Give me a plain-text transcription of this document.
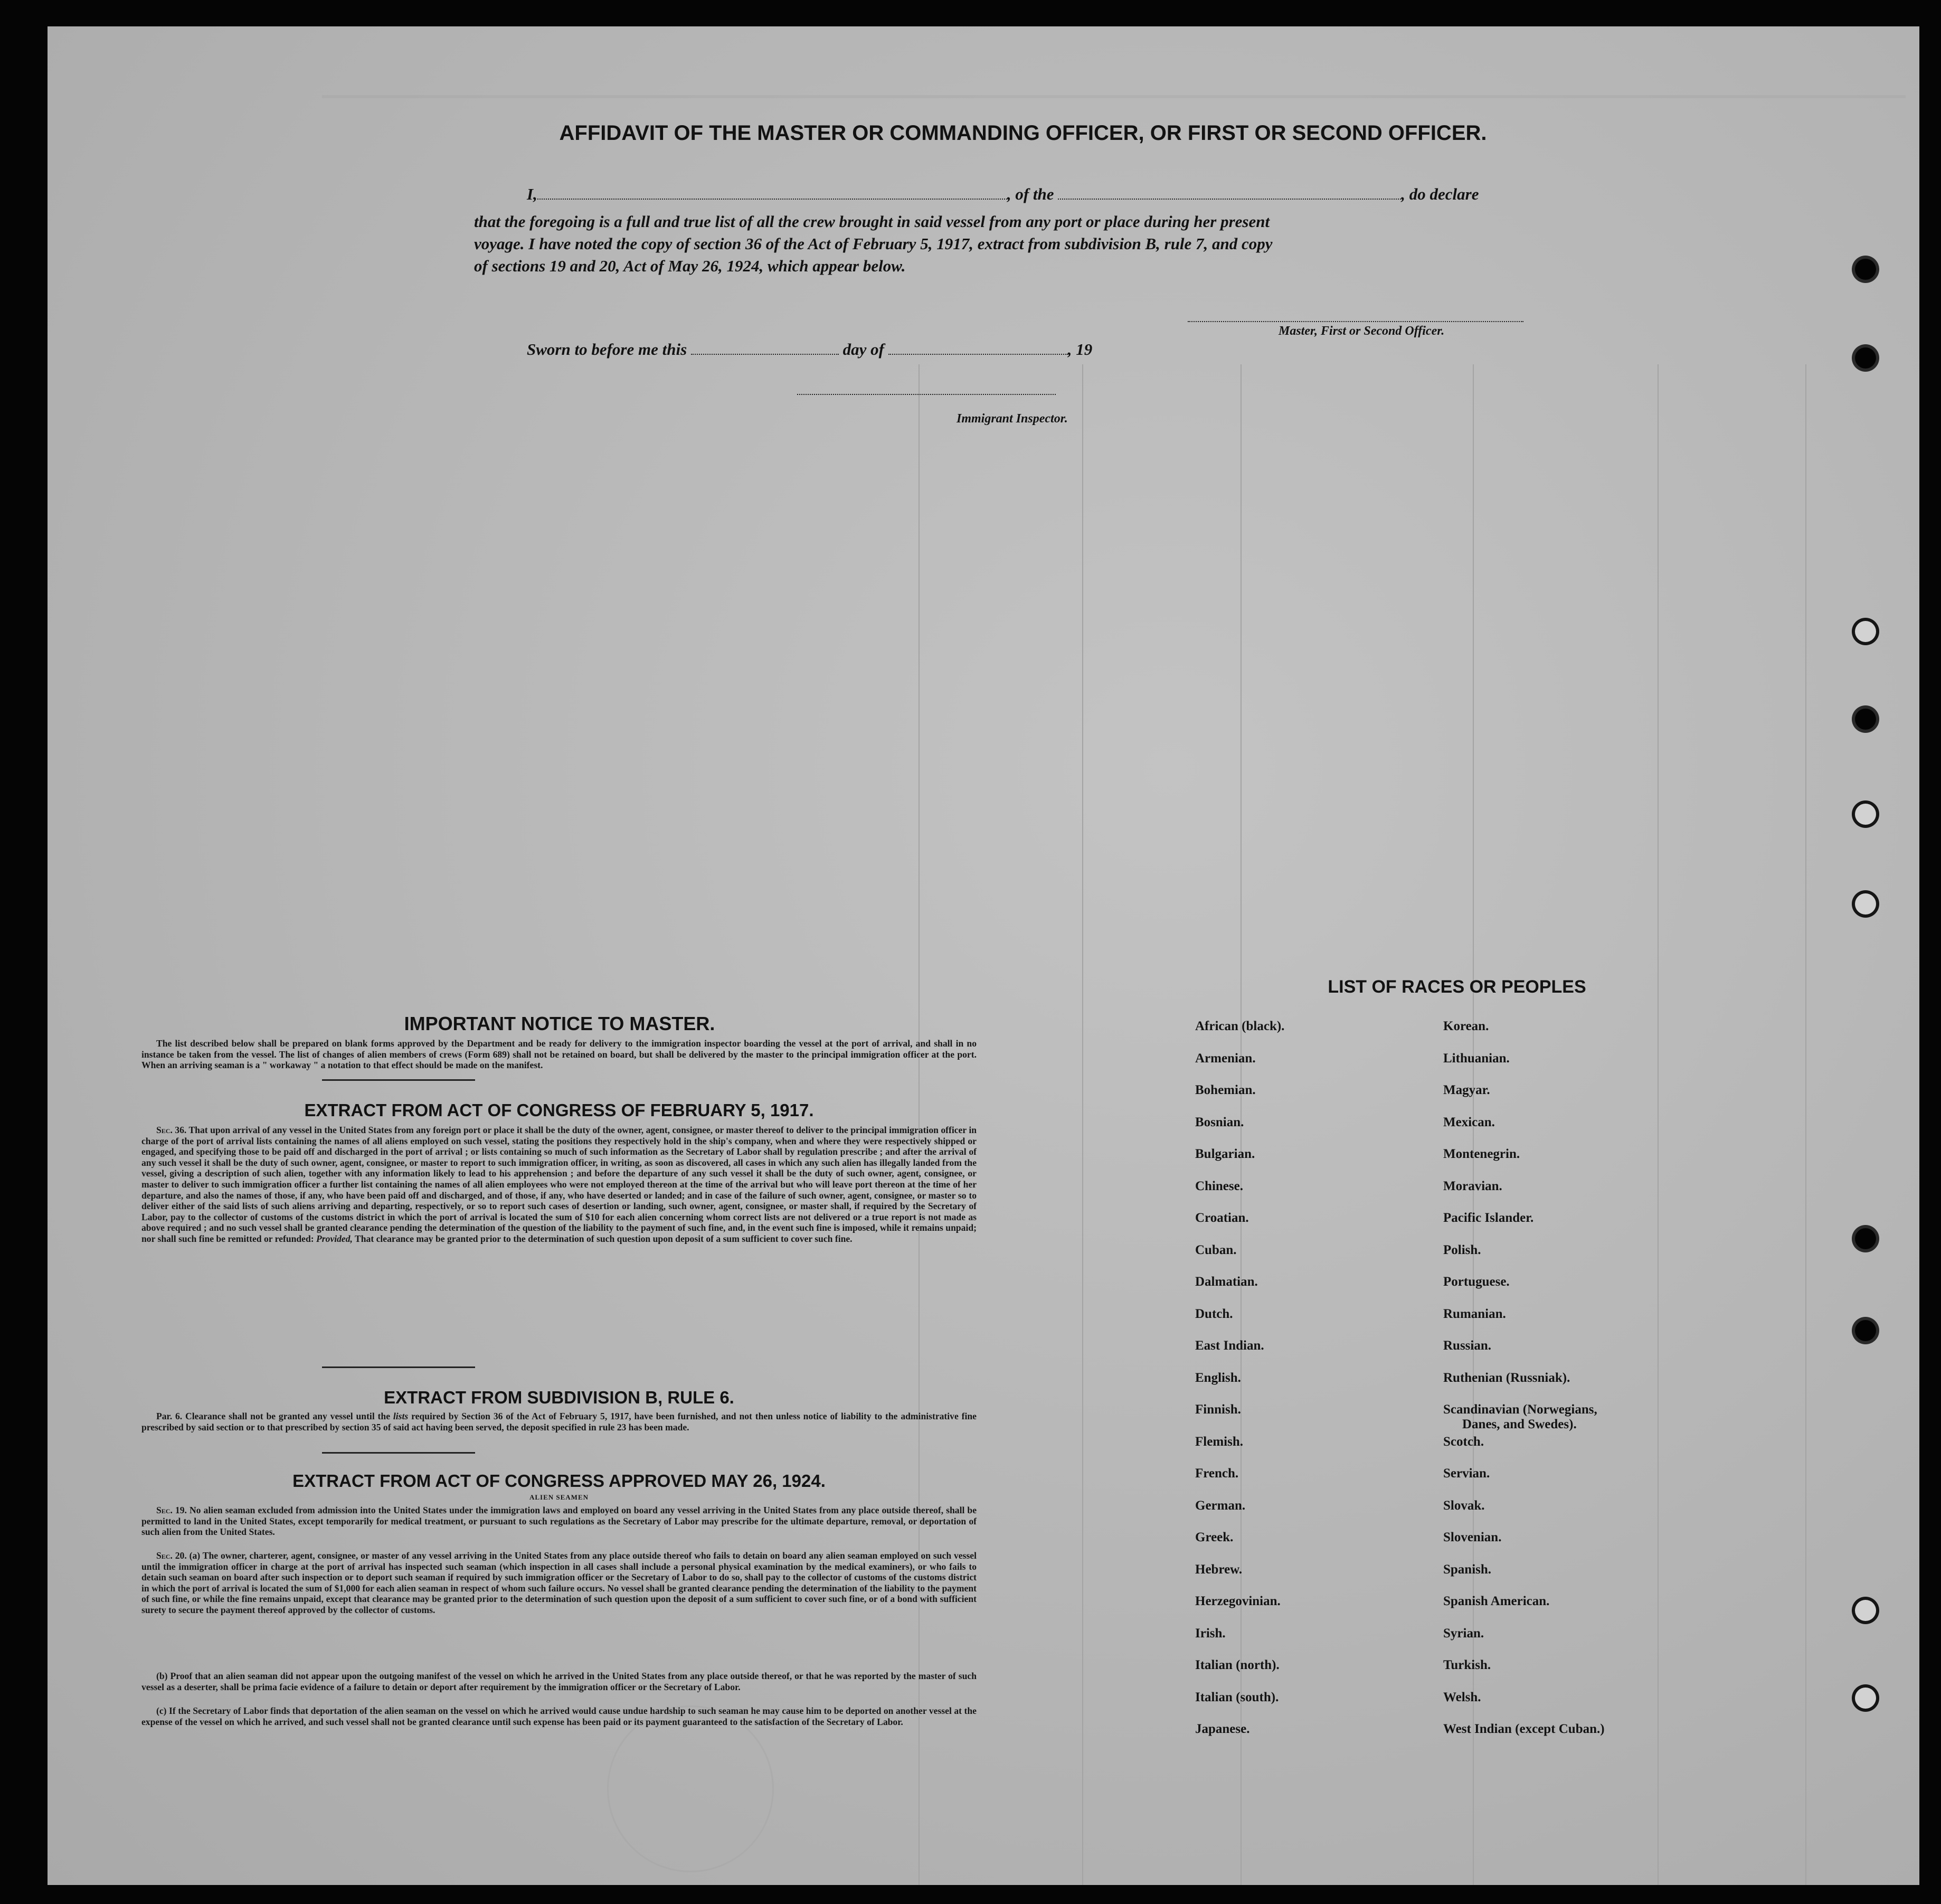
AFFIDAVIT OF THE MASTER OR COMMANDING OFFICER, OR FIRST OR SECOND OFFICER.
I,	, of the	, do declare
that the foregoing is a full and true list of all the crew brought in said vessel from any port or place during her present
voyage. I have noted the copy of section 36 of the Act of February 5, 1917, extract from subdivision B, rule 7, and copy
of sections 19 and 20, Act of May 26, 1924, which appear below.
Master, First or Second Officer.
Sworn to before me this	day of	, 19
Immigrant Inspector.
IMPORTANT NOTICE TO MASTER.

The list described below shall be prepared on blank forms approved by the Department and be ready for delivery to the immigration inspector boarding the vessel at the port of arrival, and shall in no instance be taken from the vessel. The list of changes of alien members of crews (Form 689) shall not be retained on board, but shall be delivered by the master to the principal immigration officer at the port. When an arriving seaman is a " workaway " a notation to that effect should be made on the manifest.

EXTRACT FROM ACT OF CONGRESS OF FEBRUARY 5, 1917.

Sec. 36. That upon arrival of any vessel in the United States from any foreign port or place it shall be the duty of the owner, agent, consignee, or master thereof to deliver to the principal immigration officer in charge of the port of arrival lists containing the names of all aliens employed on such vessel, stating the positions they respectively hold in the ship's company, when and where they were respectively shipped or engaged, and specifying those to be paid off and discharged in the port of arrival ; or lists containing so much of such information as the Secretary of Labor shall by regulation prescribe ; and after the arrival of any such vessel it shall be the duty of such owner, agent, consignee, or master to report to such immigration officer, in writing, as soon as discovered, all cases in which any such alien has illegally landed from the vessel, giving a description of such alien, together with any information likely to lead to his apprehension ; and before the departure of any such vessel it shall be the duty of such owner, agent, consignee, or master to deliver to such immigration officer a further list containing the names of all alien employees who were not employed thereon at the time of the arrival but who will leave port thereon at the time of her departure, and also the names of those, if any, who have been paid off and discharged, and of those, if any, who have deserted or landed; and in case of the failure of such owner, agent, consignee, or master so to deliver either of the said lists of such aliens arriving and departing, respectively, or so to report such cases of desertion or landing, such owner, agent, consignee, or master shall, if required by the Secretary of Labor, pay to the collector of customs of the customs district in which the port of arrival is located the sum of $10 for each alien concerning whom correct lists are not delivered or a true report is not made as above required ; and no such vessel shall be granted clearance pending the determination of the question of the liability to the payment of such fine, and, in the event such fine is imposed, while it remains unpaid; nor shall such fine be remitted or refunded: Provided, That clearance may be granted prior to the determination of such question upon deposit of a sum sufficient to cover such fine.

EXTRACT FROM SUBDIVISION B, RULE 6.

Par. 6. Clearance shall not be granted any vessel until the lists required by Section 36 of the Act of February 5, 1917, have been furnished, and not then unless notice of liability to the administrative fine prescribed by said section or to that prescribed by section 35 of said act having been served, the deposit specified in rule 23 has been made.

EXTRACT FROM ACT OF CONGRESS APPROVED MAY 26, 1924.
ALIEN SEAMEN

Sec. 19. No alien seaman excluded from admission into the United States under the immigration laws and employed on board any vessel arriving in the United States from any place outside thereof, shall be permitted to land in the United States, except temporarily for medical treatment, or pursuant to such regulations as the Secretary of Labor may prescribe for the ultimate departure, removal, or deportation of such alien from the United States.

Sec. 20. (a) The owner, charterer, agent, consignee, or master of any vessel arriving in the United States from any place outside thereof who fails to detain on board any alien seaman employed on such vessel until the immigration officer in charge at the port of arrival has inspected such seaman (which inspection in all cases shall include a personal physical examination by the medical examiners), or who fails to detain such seaman on board after such inspection or to deport such seaman if required by such immigration officer or the Secretary of Labor to do so, shall pay to the collector of customs of the customs district in which the port of arrival is located the sum of $1,000 for each alien seaman in respect of whom such failure occurs. No vessel shall be granted clearance pending the determination of the liability to the payment of such fine, or while the fine remains unpaid, except that clearance may be granted prior to the determination of such question upon the deposit of a sum sufficient to cover such fine, or of a bond with sufficient surety to secure the payment thereof approved by the collector of customs.

(b) Proof that an alien seaman did not appear upon the outgoing manifest of the vessel on which he arrived in the United States from any place outside thereof, or that he was reported by the master of such vessel as a deserter, shall be prima facie evidence of a failure to detain or deport after requirement by the immigration officer or the Secretary of Labor.

(c) If the Secretary of Labor finds that deportation of the alien seaman on the vessel on which he arrived would cause undue hardship to such seaman he may cause him to be deported on another vessel at the expense of the vessel on which he arrived, and such vessel shall not be granted clearance until such expense has been paid or its payment guaranteed to the satisfaction of the Secretary of Labor.

LIST OF RACES OR PEOPLES
African (black).
Armenian.
Bohemian.
Bosnian.
Bulgarian.
Chinese.
Croatian.
Cuban.
Dalmatian.
Dutch.
East Indian.
English.
Finnish.
Flemish.
French.
German.
Greek.
Hebrew.
Herzegovinian.
Irish.
Italian (north).
Italian (south).
Japanese.
Korean.
Lithuanian.
Magyar.
Mexican.
Montenegrin.
Moravian.
Pacific Islander.
Polish.
Portuguese.
Rumanian.
Russian.
Ruthenian (Russniak).
Scandinavian (Norwegians,
Danes, and Swedes).
Scotch.
Servian.
Slovak.
Slovenian.
Spanish.
Spanish American.
Syrian.
Turkish.
Welsh.
West Indian (except Cuban.)
